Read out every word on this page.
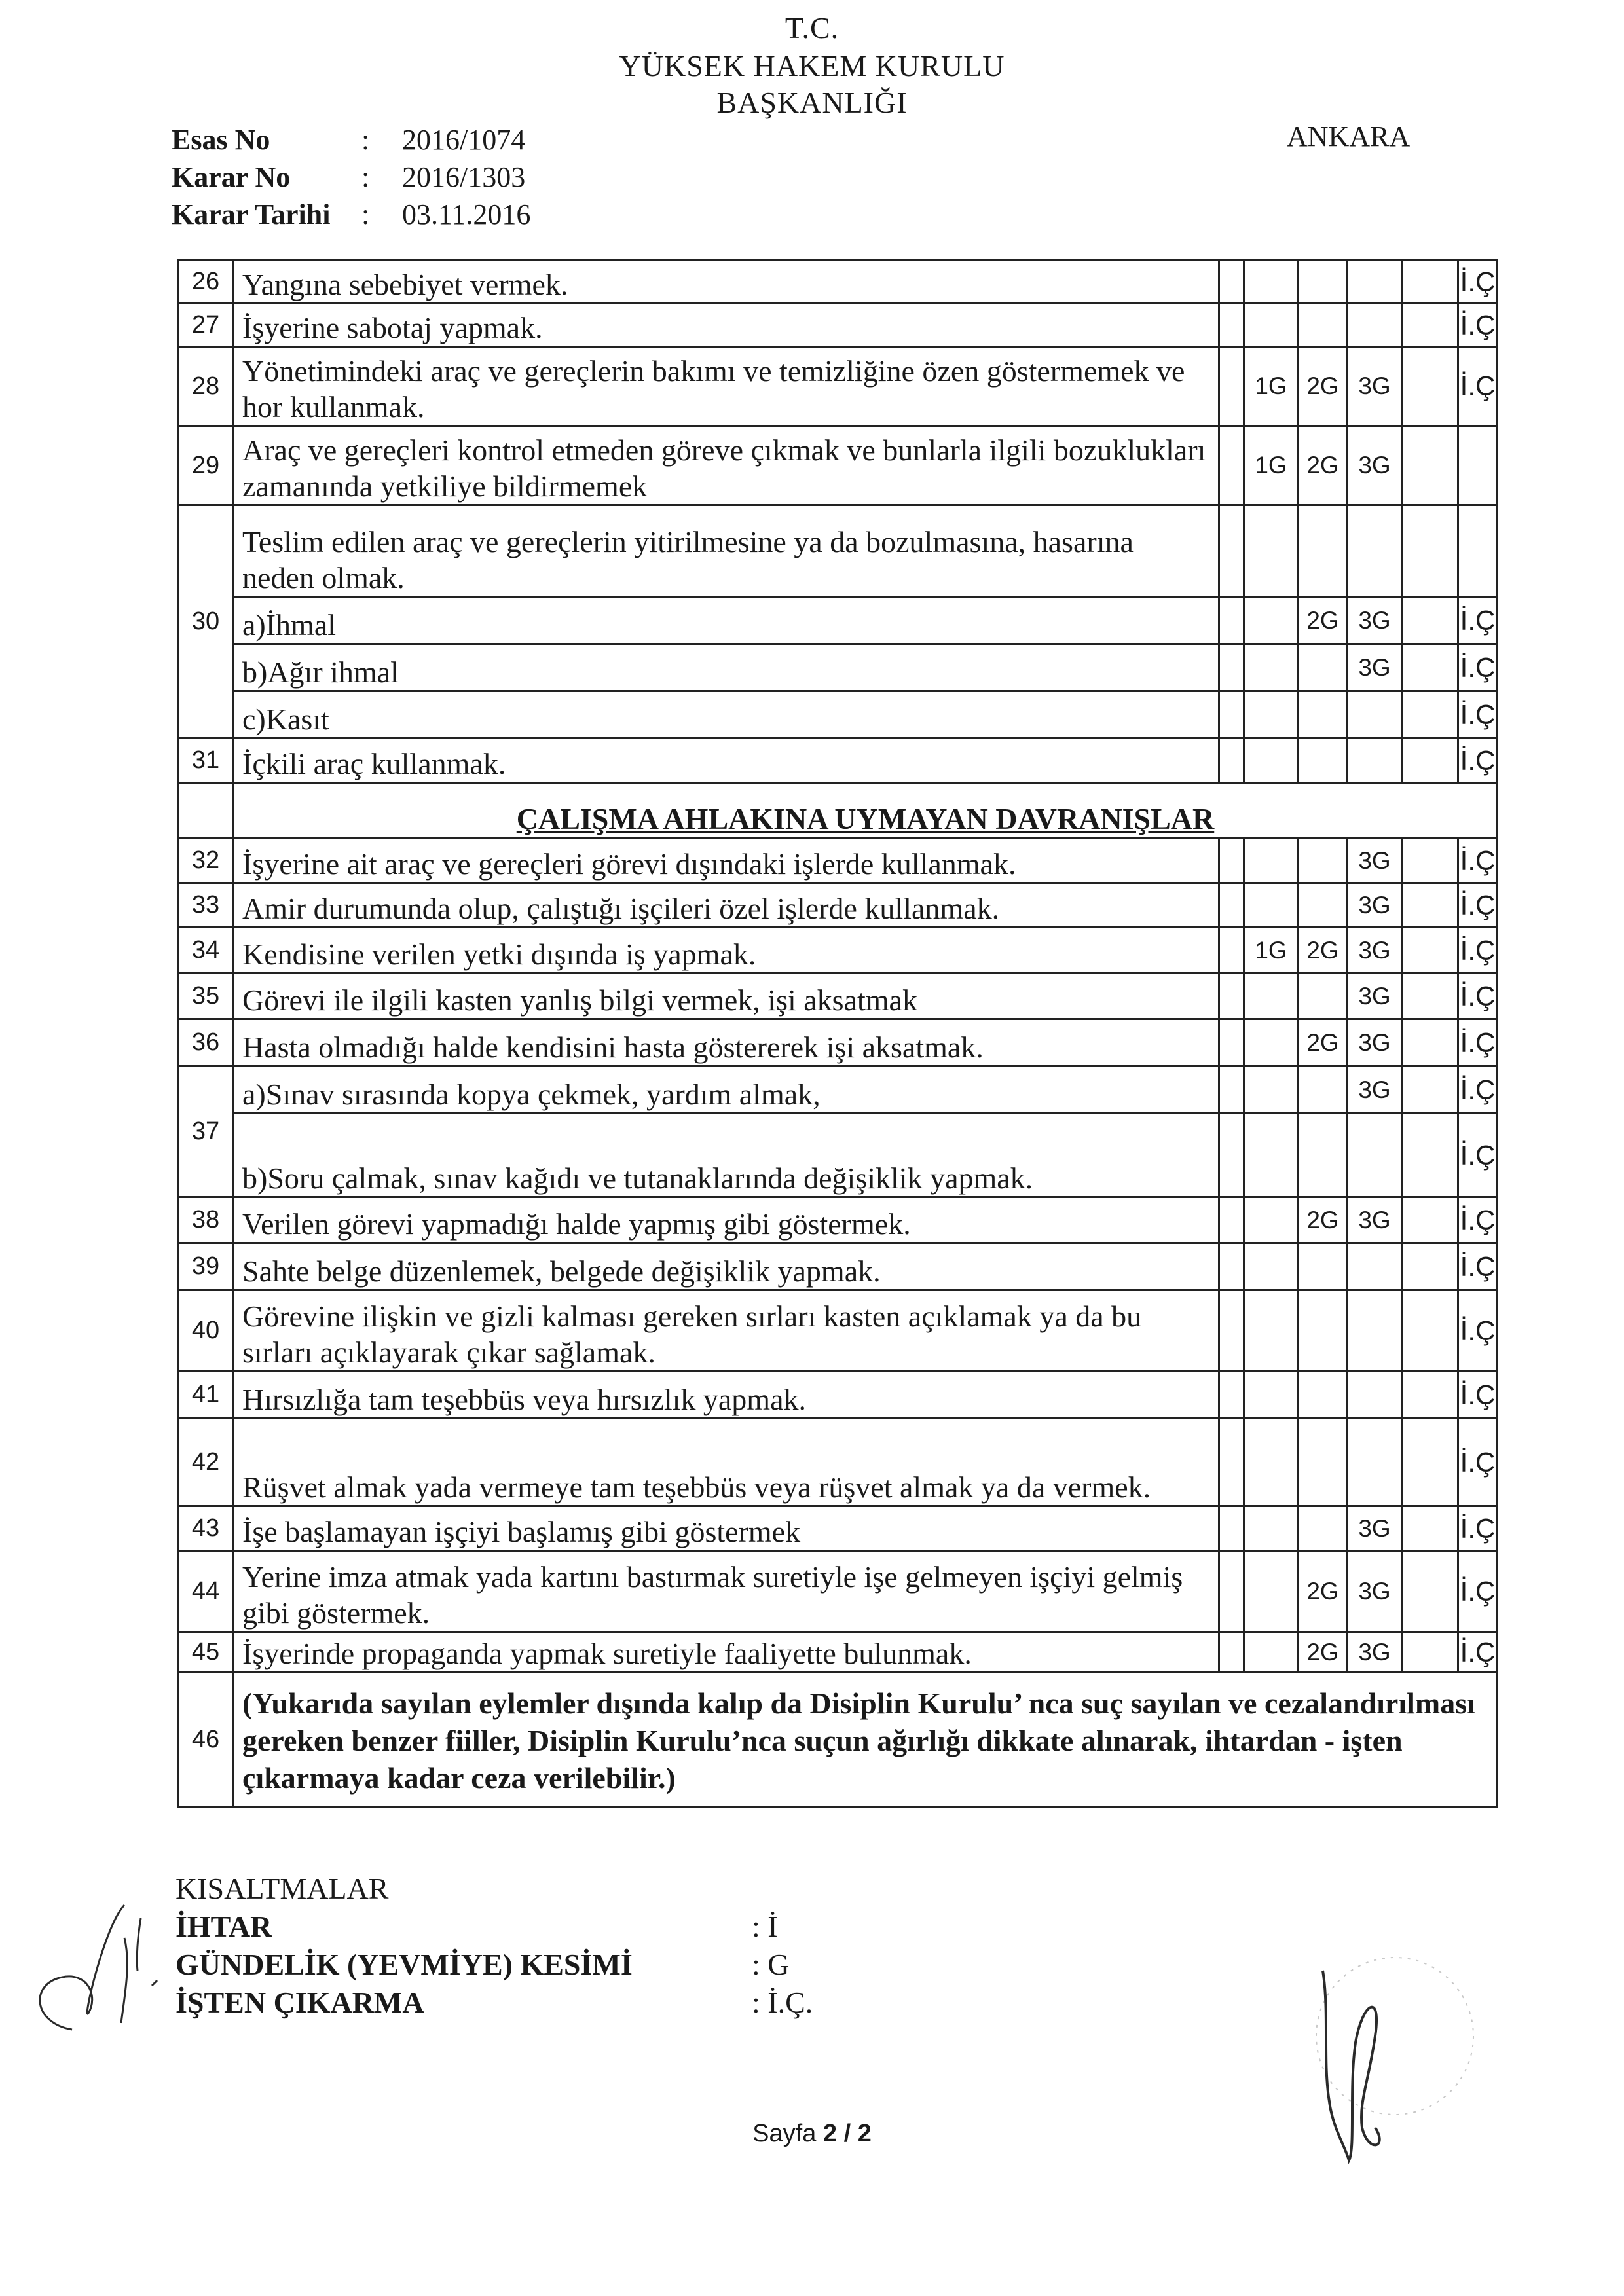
T.C.
YÜKSEK HAKEM KURULU
BAŞKANLIĞI
ANKARA
Esas No	:	2016/1074
Karar No	:	2016/1303
Karar Tarihi	:	03.11.2016
26	Yangına sebebiyet vermek.						İ.Ç
27	İşyerine sabotaj yapmak.						İ.Ç
28	Yönetimindeki araç ve gereçlerin bakımı ve temizliğine özen göstermemek ve hor kullanmak.		1G	2G	3G		İ.Ç
29	Araç ve gereçleri kontrol etmeden göreve çıkmak ve bunlarla ilgili bozuklukları zamanında yetkiliye bildirmemek		1G	2G	3G		
30	Teslim edilen araç ve gereçlerin yitirilmesine ya da bozulmasına, hasarına neden olmak.						
	a)İhmal			2G	3G		İ.Ç
	b)Ağır ihmal				3G		İ.Ç
	c)Kasıt						İ.Ç
31	İçkili araç kullanmak.						İ.Ç
	ÇALIŞMA AHLAKINA UYMAYAN DAVRANIŞLAR						
32	İşyerine ait araç ve gereçleri görevi dışındaki işlerde kullanmak.				3G		İ.Ç
33	Amir durumunda olup, çalıştığı işçileri özel işlerde kullanmak.				3G		İ.Ç
34	Kendisine verilen yetki dışında iş yapmak.		1G	2G	3G		İ.Ç
35	Görevi ile ilgili kasten yanlış bilgi vermek, işi aksatmak				3G		İ.Ç
36	Hasta olmadığı halde kendisini hasta göstererek işi aksatmak.			2G	3G		İ.Ç
37	a)Sınav sırasında kopya çekmek, yardım almak,				3G		İ.Ç
	b)Soru çalmak, sınav kağıdı ve tutanaklarında değişiklik yapmak.						İ.Ç
38	Verilen görevi yapmadığı halde yapmış gibi göstermek.			2G	3G		İ.Ç
39	Sahte belge düzenlemek, belgede değişiklik yapmak.						İ.Ç
40	Görevine ilişkin ve gizli kalması gereken sırları kasten açıklamak ya da bu sırları açıklayarak çıkar sağlamak.						İ.Ç
41	Hırsızlığa tam teşebbüs veya hırsızlık yapmak.						İ.Ç
42	Rüşvet almak yada vermeye tam teşebbüs veya rüşvet almak ya da vermek.						İ.Ç
43	İşe başlamayan işçiyi başlamış gibi göstermek				3G		İ.Ç
44	Yerine imza atmak yada kartını bastırmak suretiyle işe gelmeyen işçiyi gelmiş gibi göstermek.			2G	3G		İ.Ç
45	İşyerinde propaganda yapmak suretiyle faaliyette bulunmak.			2G	3G		İ.Ç
46	(Yukarıda sayılan eylemler dışında kalıp da Disiplin Kurulu’ nca suç sayılan ve cezalandırılması gereken benzer fiiller, Disiplin Kurulu’nca suçun ağırlığı dikkate alınarak, ihtardan - işten çıkarmaya kadar ceza verilebilir.)						
KISALTMALAR
İHTAR	: İ
GÜNDELİK (YEVMİYE) KESİMİ	: G
İŞTEN ÇIKARMA	: İ.Ç.
Sayfa 2 / 2
